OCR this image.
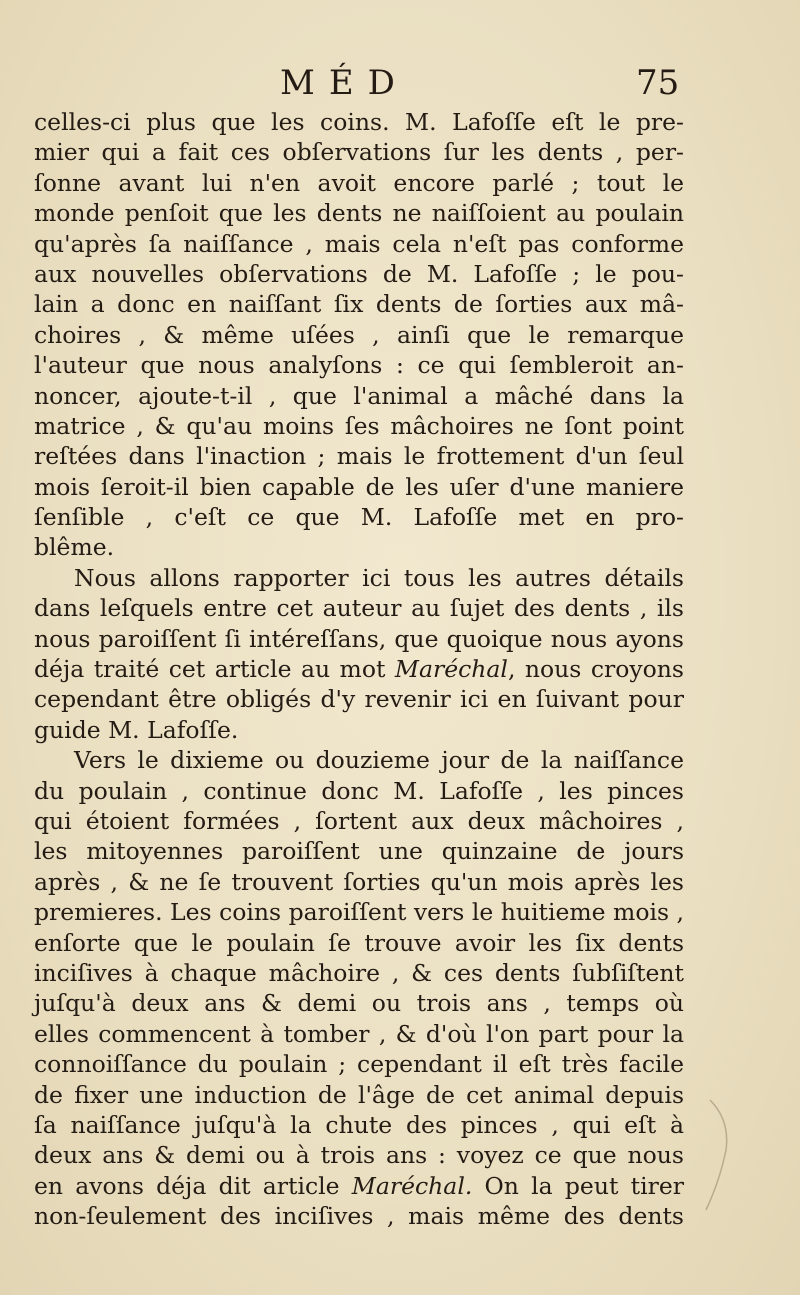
MÉD	75
celles-ci plus que les coins. M. Lafoſſe eſt le pre-
mier qui a fait ces obſervations ſur les dents , per-
ſonne avant lui n'en avoit encore parlé ; tout le
monde penſoit que les dents ne naiſſoient au poulain
qu'après ſa naiſſance , mais cela n'eſt pas conforme
aux nouvelles obſervations de M. Lafoſſe ; le pou-
lain a donc en naiſſant ſix dents de ſorties aux mâ-
choires , & même uſées , ainſi que le remarque
l'auteur que nous analyſons : ce qui ſembleroit an-
noncer, ajoute-t-il , que l'animal a mâché dans la
matrice , & qu'au moins ſes mâchoires ne ſont point
reſtées dans l'inaction ; mais le frottement d'un ſeul
mois ſeroit-il bien capable de les uſer d'une maniere
ſenſible , c'eſt ce que M. Lafoſſe met en pro-
blême.
Nous allons rapporter ici tous les autres détails
dans leſquels entre cet auteur au ſujet des dents , ils
nous paroiſſent ſi intéreſſans, que quoique nous ayons
déja traité cet article au mot Maréchal, nous croyons
cependant être obligés d'y revenir ici en ſuivant pour
guide M. Lafoſſe.
Vers le dixieme ou douzieme jour de la naiſſance
du poulain , continue donc M. Lafoſſe , les pinces
qui étoient formées , ſortent aux deux mâchoires ,
les mitoyennes paroiſſent une quinzaine de jours
après , & ne ſe trouvent ſorties qu'un mois après les
premieres. Les coins paroiſſent vers le huitieme mois ,
enſorte que le poulain ſe trouve avoir les ſix dents
inciſives à chaque mâchoire , & ces dents ſubſiſtent
juſqu'à deux ans & demi ou trois ans , temps où
elles commencent à tomber , & d'où l'on part pour la
connoiſſance du poulain ; cependant il eſt très facile
de fixer une induction de l'âge de cet animal depuis
ſa naiſſance juſqu'à la chute des pinces , qui eſt à
deux ans & demi ou à trois ans : voyez ce que nous
en avons déja dit article Maréchal. On la peut tirer
non-ſeulement des inciſives , mais même des dents
